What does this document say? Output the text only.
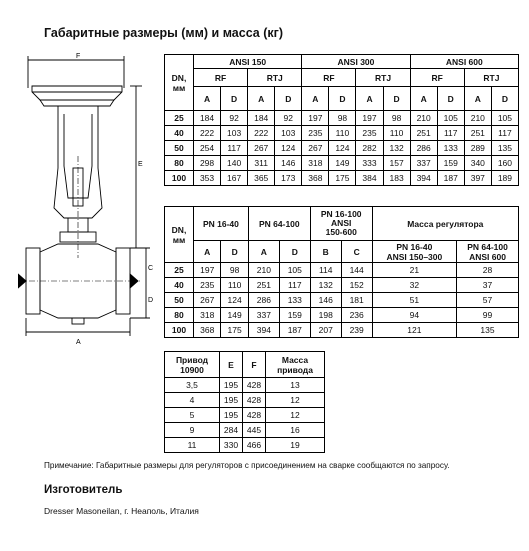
Габаритные размеры (мм) и масса (кг)
F
E
C
D
A
DN,
мм	ANSI 150				ANSI 300				ANSI 600			
	RF		RTJ		RF		RTJ		RF		RTJ	
	A	D	A	D	A	D	A	D	A	D	A	D
25	184	92	184	92	197	98	197	98	210	105	210	105
40	222	103	222	103	235	110	235	110	251	117	251	117
50	254	117	267	124	267	124	282	132	286	133	289	135
80	298	140	311	146	318	149	333	157	337	159	340	160
100	353	167	365	173	368	175	384	183	394	187	397	189
DN,
мм	PN 16-40		PN 64-100		PN 16-100
ANSI
150-600		Масса регулятора	
	A	D	A	D	B	C	PN 16-40
ANSI 150–300	PN 64-100
ANSI 600
25	197	98	210	105	114	144	21	28
40	235	110	251	117	132	152	32	37
50	267	124	286	133	146	181	51	57
80	318	149	337	159	198	236	94	99
100	368	175	394	187	207	239	121	135
Привод
10900	E	F	Масса
привода
3,5	195	428	13
4	195	428	12
5	195	428	12
9	284	445	16
11	330	466	19
Примечание: Габаритные размеры для регуляторов с присоединением на сварке сообщаются по запросу.
Изготовитель
Dresser Masoneilan, г. Неаполь, Италия
